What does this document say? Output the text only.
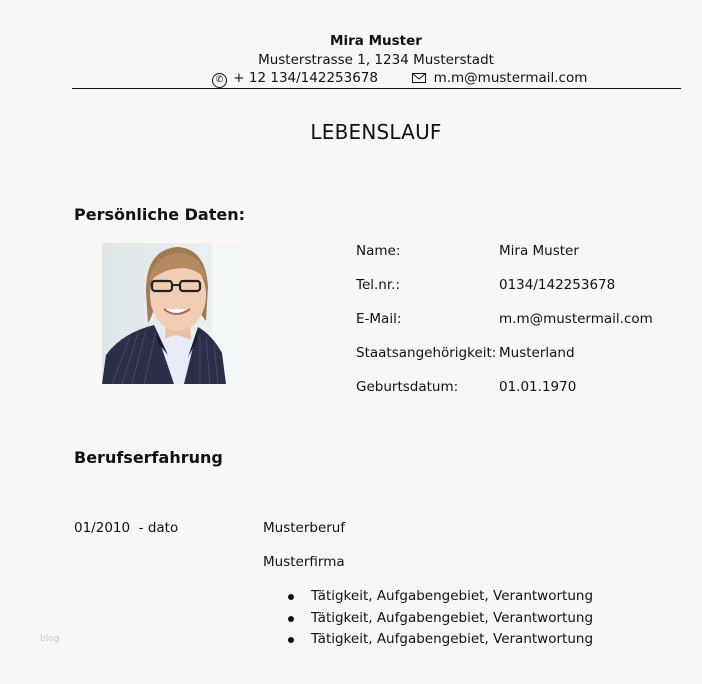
Mira Muster
Musterstrasse 1, 1234 Musterstadt
✆ + 12 134/142253678	m.m@mustermail.com
LEBENSLAUF
Persönliche Daten:
Name:	Mira Muster
Tel.nr.:	0134/142253678
E-Mail:	m.m@mustermail.com
Staatsangehörigkeit: Musterland
Geburtsdatum:	01.01.1970
Berufserfahrung
01/2010  - dato	Musterberuf
Musterfirma
Tätigkeit, Aufgabengebiet, Verantwortung
Tätigkeit, Aufgabengebiet, Verantwortung
Tätigkeit, Aufgabengebiet, Verantwortung
blog
